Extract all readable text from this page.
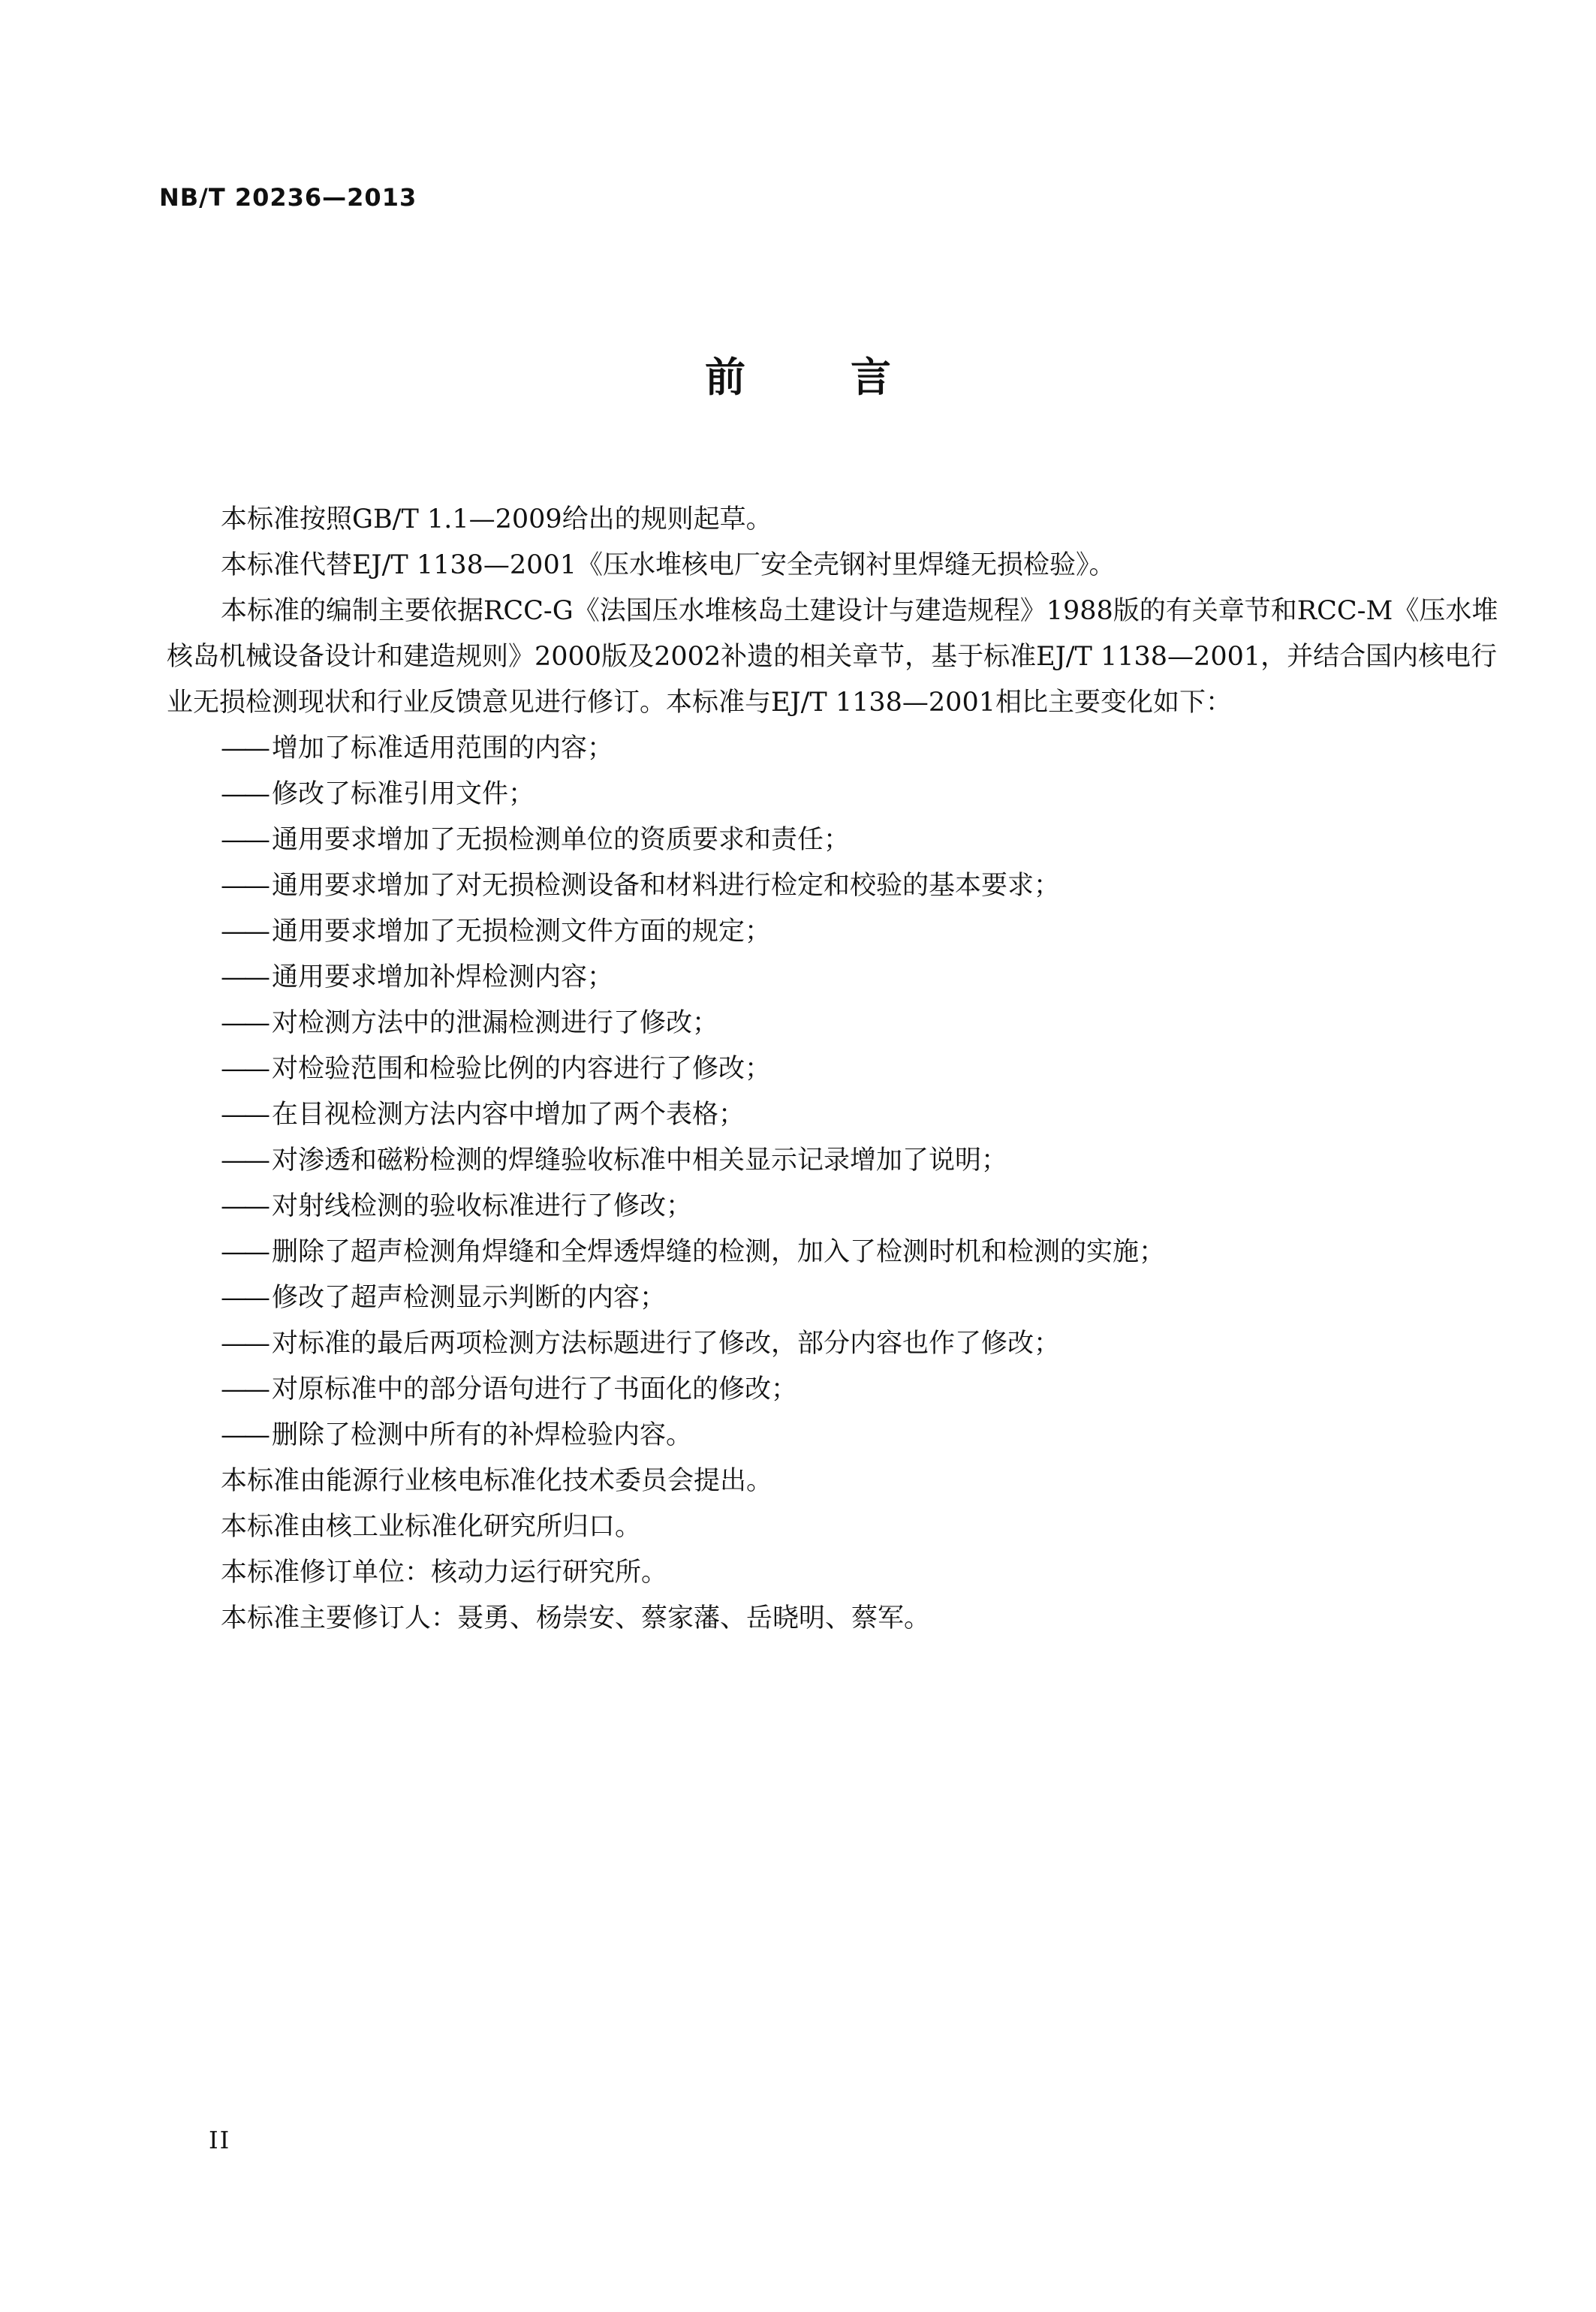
NB/T 20236—2013
前言

本标准按照GB/T 1.1—2009给出的规则起草。

本标准代替EJ/T 1138—2001《压水堆核电厂安全壳钢衬里焊缝无损检验》。

本标准的编制主要依据RCC-G《法国压水堆核岛土建设计与建造规程》1988版的有关章节和RCC-M《压水堆核岛机械设备设计和建造规则》2000版及2002补遗的相关章节，基于标准EJ/T 1138—2001，并结合国内核电行业无损检测现状和行业反馈意见进行修订。本标准与EJ/T 1138—2001相比主要变化如下：

—— 增加了标准适用范围的内容；

—— 修改了标准引用文件；

—— 通用要求增加了无损检测单位的资质要求和责任；

—— 通用要求增加了对无损检测设备和材料进行检定和校验的基本要求；

—— 通用要求增加了无损检测文件方面的规定；

—— 通用要求增加补焊检测内容；

—— 对检测方法中的泄漏检测进行了修改；

—— 对检验范围和检验比例的内容进行了修改；

—— 在目视检测方法内容中增加了两个表格；

—— 对渗透和磁粉检测的焊缝验收标准中相关显示记录增加了说明；

—— 对射线检测的验收标准进行了修改；

—— 删除了超声检测角焊缝和全焊透焊缝的检测，加入了检测时机和检测的实施；

—— 修改了超声检测显示判断的内容；

—— 对标准的最后两项检测方法标题进行了修改，部分内容也作了修改；

—— 对原标准中的部分语句进行了书面化的修改；

—— 删除了检测中所有的补焊检验内容。

本标准由能源行业核电标准化技术委员会提出。

本标准由核工业标准化研究所归口。

本标准修订单位：核动力运行研究所。

本标准主要修订人：聂勇、杨崇安、蔡家藩、岳晓明、蔡军。

II
